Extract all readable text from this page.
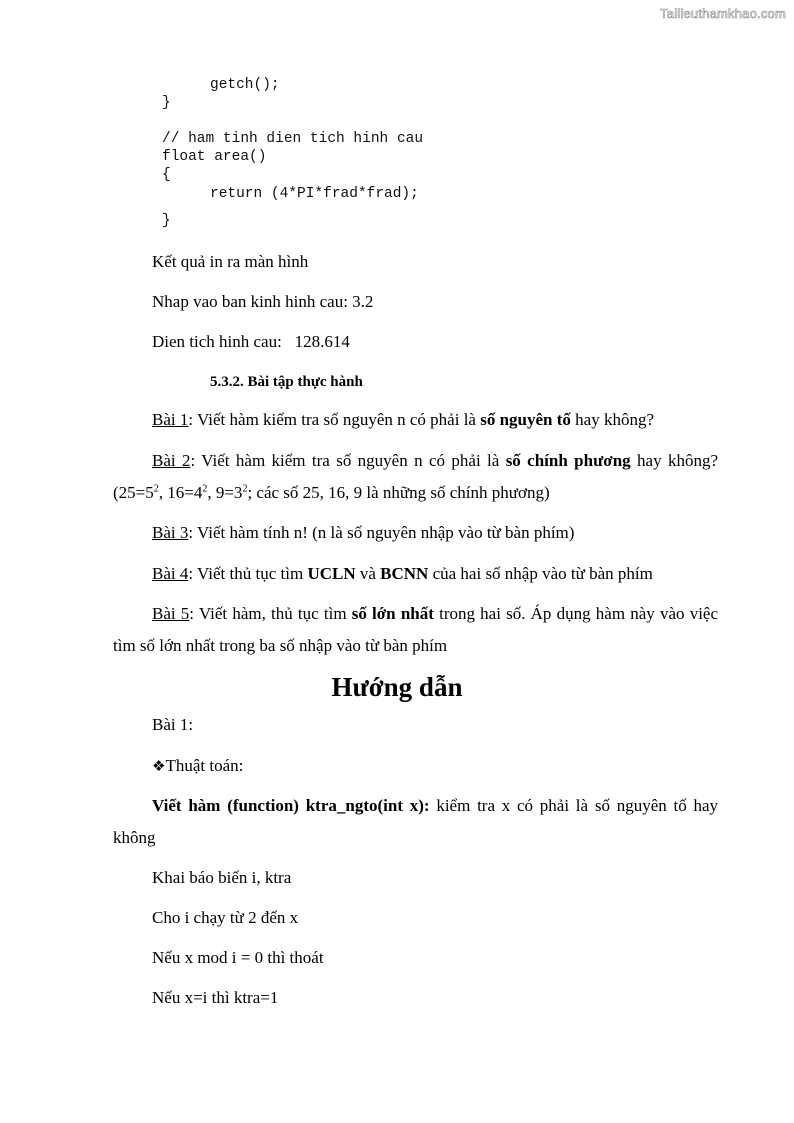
Tailieuthamkhao.com

getch();

}

// ham tinh dien tich hinh cau

float area()

{

return (4*PI*frad*frad);

}

Kết quả in ra màn hình
Nhap vao ban kinh hinh cau: 3.2
Dien tich hinh cau:   128.614
5.3.2. Bài tập thực hành
Bài 1: Viết hàm kiểm tra số nguyên n có phải là số nguyên tố hay không?
Bài 2: Viết hàm kiểm tra số nguyên n có phải là số chính phương hay không? ($25=5^2$, $16=4^2$, $9=3^2$; các số 25, 16, 9 là những số chính phương)
Bài 3: Viết hàm tính n! (n là số nguyên nhập vào từ bàn phím)
Bài 4: Viết thủ tục tìm UCLN và BCNN của hai số nhập vào từ bàn phím
Bài 5: Viết hàm, thủ tục tìm số lớn nhất trong hai số. Áp dụng hàm này vào việc tìm số lớn nhất trong ba số nhập vào từ bàn phím
Hướng dẫn
Bài 1:
❖Thuật toán:
Viết hàm (function) ktra_ngto(int x): kiểm tra x có phải là số nguyên tố hay không
Khai báo biến i, ktra
Cho i chạy từ 2 đến x
Nếu x mod i = 0 thì thoát
Nếu x=i thì ktra=1
